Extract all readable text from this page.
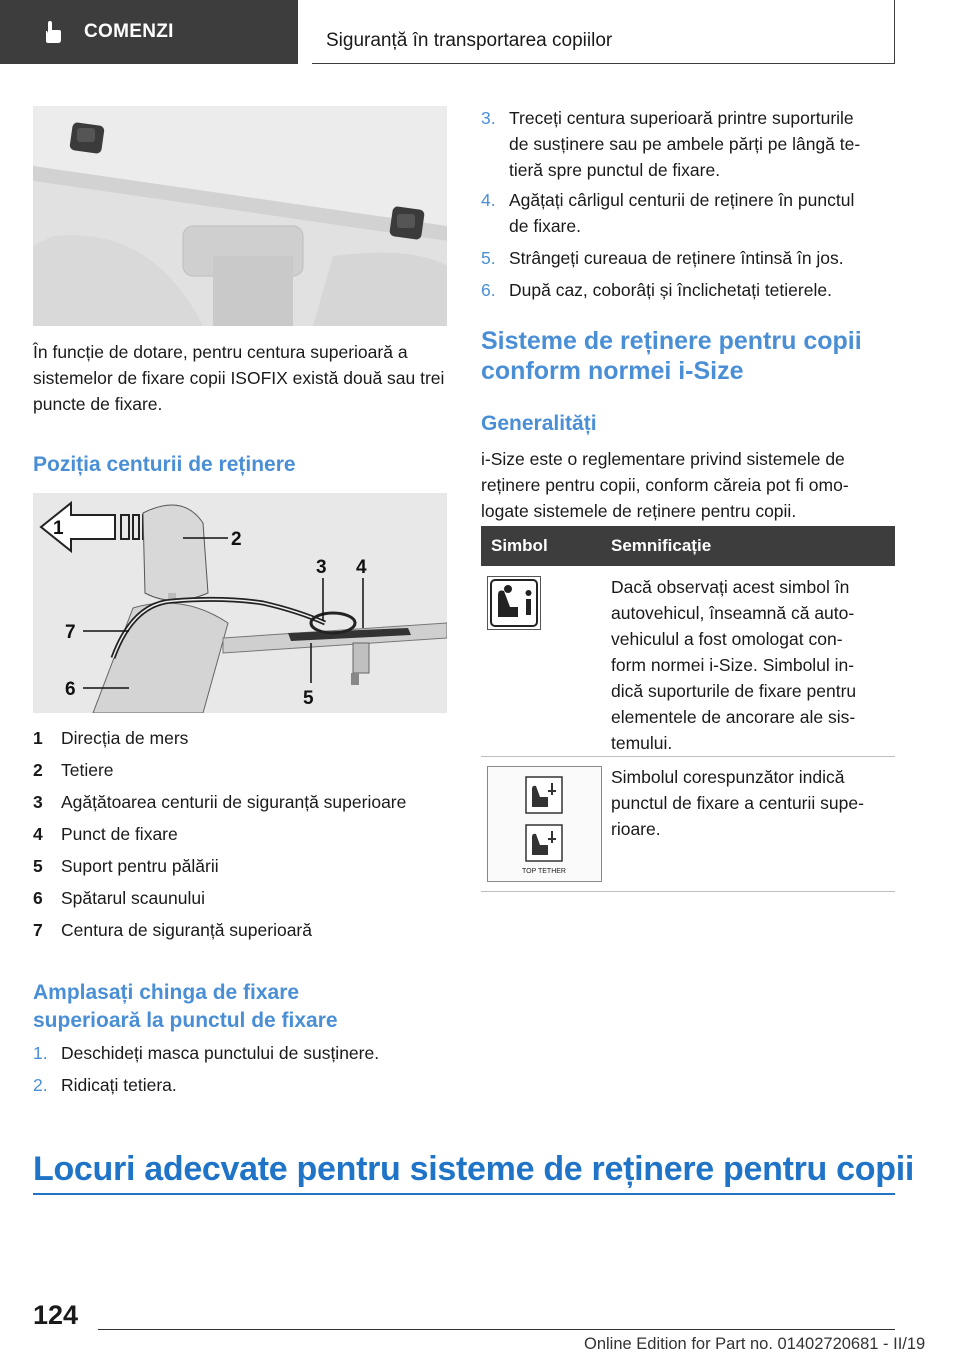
COMENZI	Siguranță în transportarea copiilor
În funcție de dotare, pentru centura superioară a sistemelor de fixare copii ISOFIX există două sau trei puncte de fixare.
Poziția centurii de reținere
1
2
3 4
5
6
7
1	Direcția de mers
2	Tetiere
3	Agățătoarea centurii de siguranță superioare
4	Punct de fixare
5	Suport pentru pălării
6	Spătarul scaunului
7	Centura de siguranță superioară
Amplasați chinga de fixare
superioară la punctul de fixare
1. Deschideți masca punctului de susținere.
2. Ridicați tetiera.
3. Treceți centura superioară printre suporturile
de susținere sau pe ambele părți pe lângă te-
tieră spre punctul de fixare.
4. Agățați cârligul centurii de reținere în punctul
de fixare.
5. Strângeți cureaua de reținere întinsă în jos.
6. După caz, coborâți și înclichetați tetierele.
Sisteme de reținere pentru copii
conform normei i-Size
Generalități
i-Size este o reglementare privind sistemele de
reținere pentru copii, conform căreia pot fi omo-
logate sistemele de reținere pentru copii.
Simbol	Semnificație
Dacă observați acest simbol în
autovehicul, înseamnă că auto-
vehiculul a fost omologat con-
form normei i-Size. Simbolul in-
dică suporturile de fixare pentru
elementele de ancorare ale sis-
temului.
TOP TETHER
Simbolul corespunzător indică
punctul de fixare a centurii supe-
rioare.
Locuri adecvate pentru sisteme de reținere pentru copii
124
Online Edition for Part no. 01402720681 - II/19
